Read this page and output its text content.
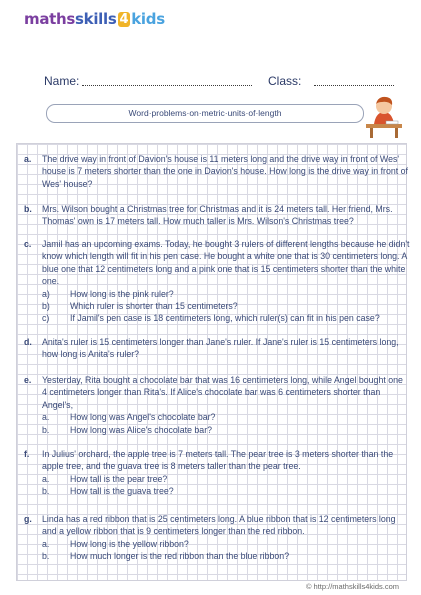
maths skills 4 kids
Name:	Class:
Word·problems·on·metric·units·of·length
a. The drive way in front of Davion's house is 11 meters long and the drive way in front of Wes' house is 7 meters shorter than the one in Davion's house. How long is the drive way in front of Wes' house?
b. Mrs. Wilson bought a Christmas tree for Christmas and it is 24 meters tall. Her friend, Mrs. Thomas' own is 17 meters tall. How much taller is Mrs. Wilson's Christmas tree?
c. Jamil has an upcoming exams. Today, he bought 3 rulers of different lengths because he didn't know which length will fit in his pen case. He bought a white one that is 30 centimeters long. A blue one that 12 centimeters long and a pink one that is 15 centimeters shorter than the white one.
a) How long is the pink ruler?
b) Which ruler is shorter than 15 centimeters?
c) If Jamil's pen case is 18 centimeters long, which ruler(s) can fit in his pen case?
d. Anita's ruler is 15 centimeters longer than Jane's ruler. If Jane's ruler is 15 centimeters long, how long is Anita's ruler?
e. Yesterday, Rita bought a chocolate bar that was 16 centimeters long, while Angel bought one 4 centimeters longer than Rita's. If Alice's chocolate bar was 6 centimeters shorter than Angel's,
a. How long was Angel's chocolate bar?
b. How long was Alice's chocolate bar?
f. In Julius' orchard, the apple tree is 7 meters tall. The pear tree is 3 meters shorter than the apple tree, and the guava tree is 8 meters taller than the pear tree.
a. How tall is the pear tree?
b. How tall is the guava tree?
g. Linda has a red ribbon that is 25 centimeters long. A blue ribbon that is 12 centimeters long and a yellow ribbon that is 9 centimeters longer than the red ribbon.
a. How long is the yellow ribbon?
b. How much longer is the red ribbon than the blue ribbon?
© http://mathskills4kids.com
